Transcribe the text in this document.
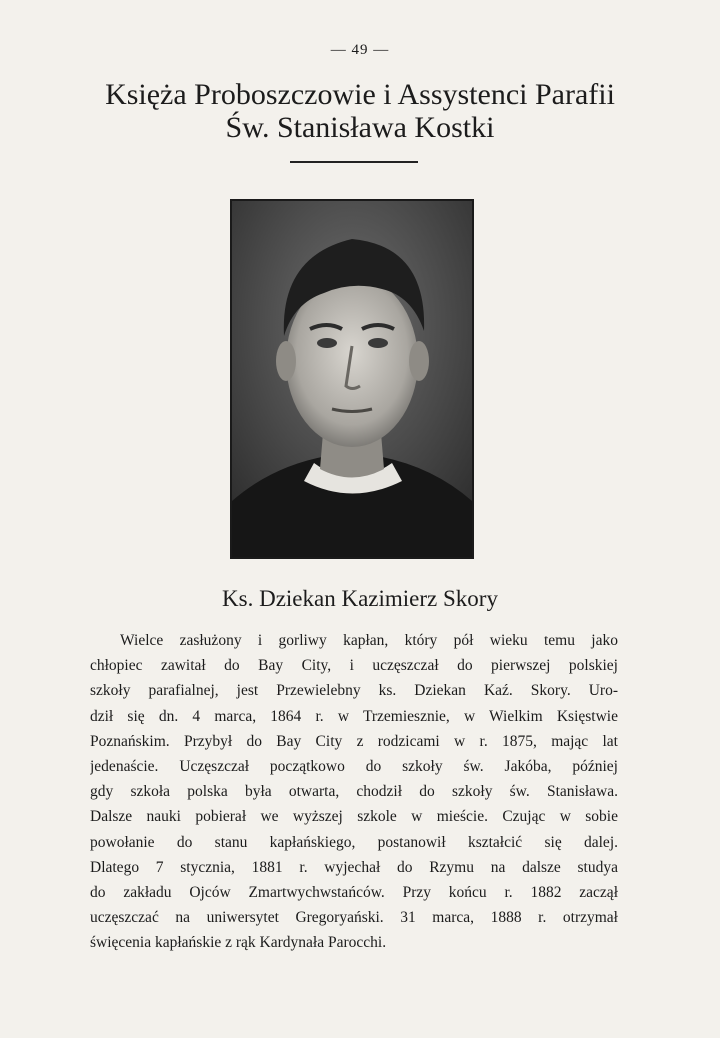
— 49 —
Księża Proboszczowie i Assystenci Parafii
Św. Stanisława Kostki
Ks. Dziekan Kazimierz Skory
Wielce zasłużony i gorliwy kapłan, który pół wieku temu jako
chłopiec zawitał do Bay City, i uczęszczał do pierwszej polskiej
szkoły parafialnej, jest Przewielebny ks. Dziekan Kaź. Skory. Uro-
dził się dn. 4 marca, 1864 r. w Trzemiesznie, w Wielkim Księstwie
Poznańskim. Przybył do Bay City z rodzicami w r. 1875, mając lat
jedenaście. Uczęszczał początkowo do szkoły św. Jakóba, później
gdy szkoła polska była otwarta, chodził do szkoły św. Stanisława.
Dalsze nauki pobierał we wyższej szkole w mieście. Czując w sobie
powołanie do stanu kapłańskiego, postanowił kształcić się dalej.
Dlatego 7 stycznia, 1881 r. wyjechał do Rzymu na dalsze studya
do zakładu Ojców Zmartwychwstańców. Przy końcu r. 1882 zaczął
uczęszczać na uniwersytet Gregoryański. 31 marca, 1888 r. otrzymał
święcenia kapłańskie z rąk Kardynała Parocchi.
